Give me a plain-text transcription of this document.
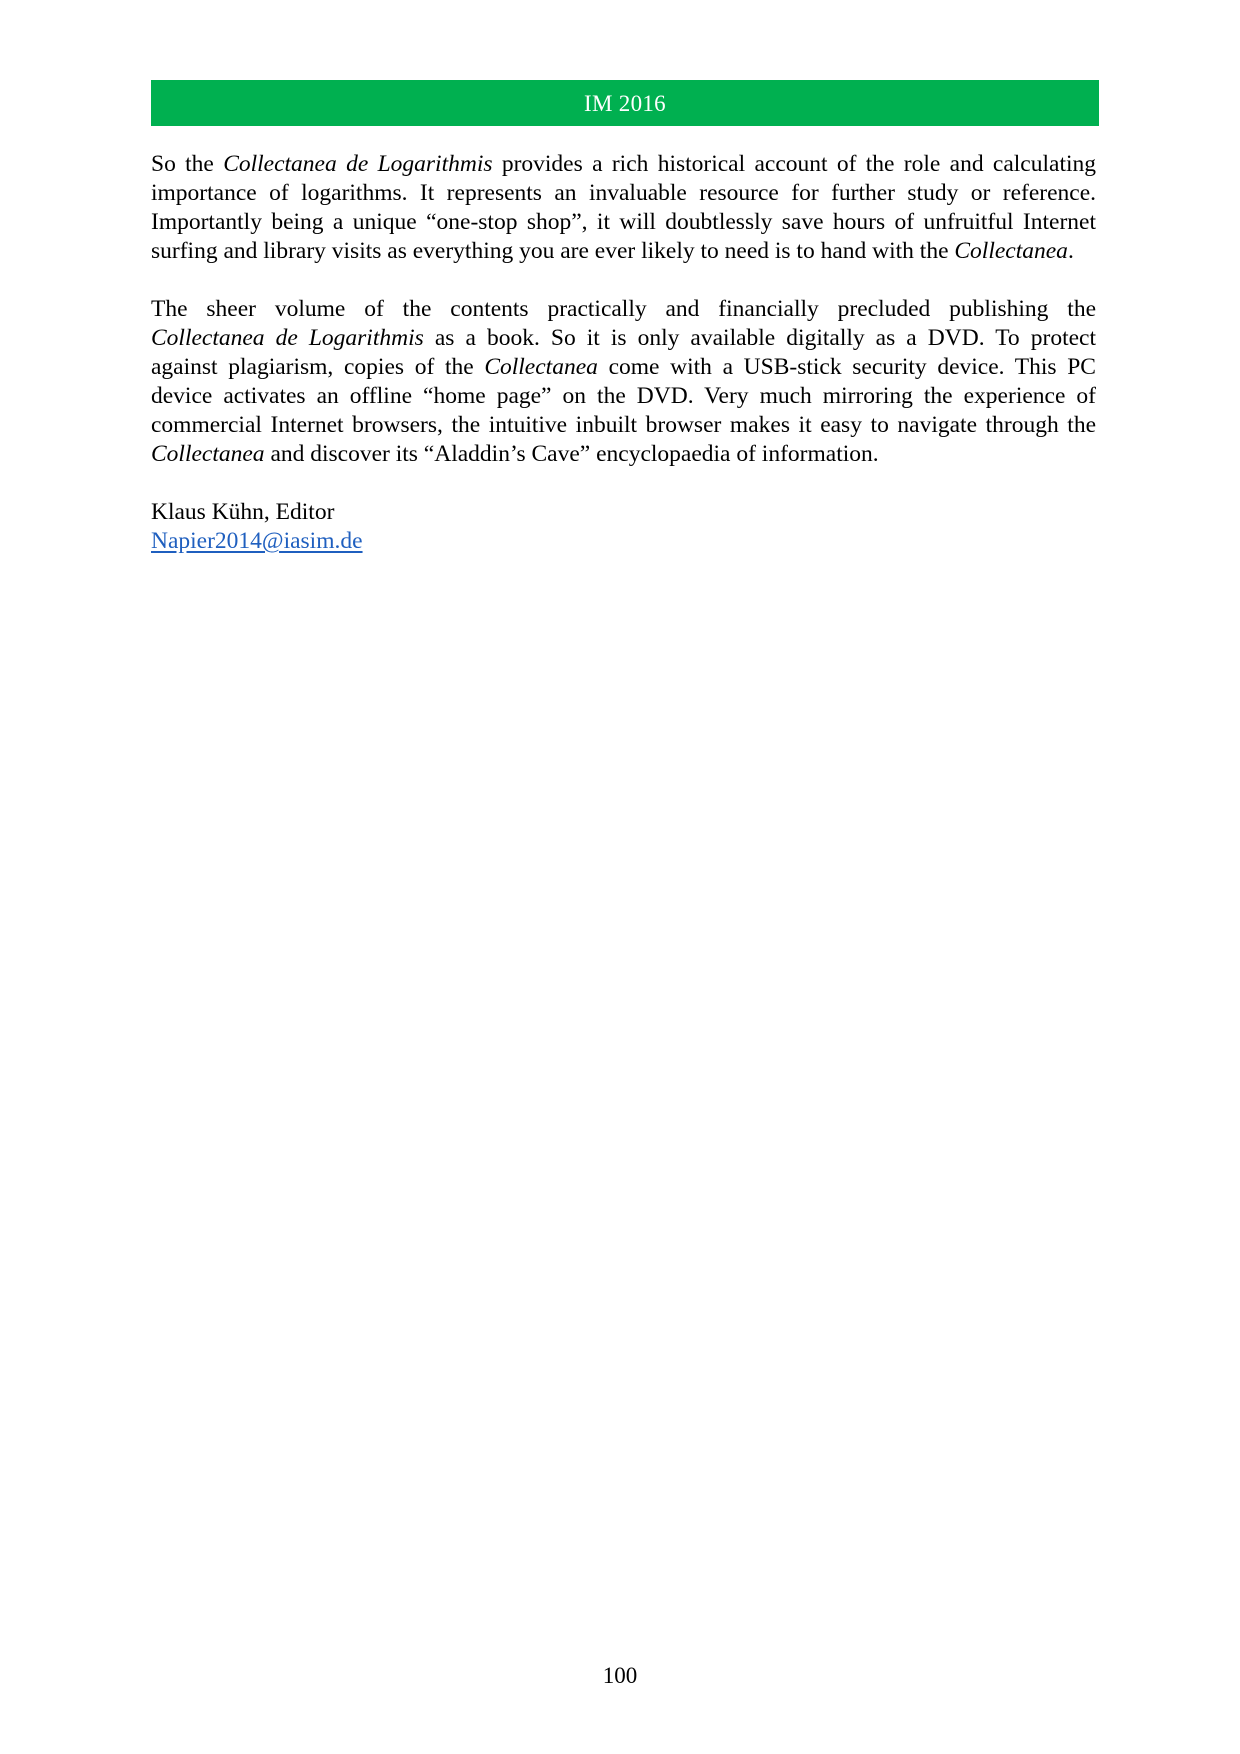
IM 2016

So the Collectanea de Logarithmis provides a rich historical account of the role and calculating
importance of logarithms. It represents an invaluable resource for further study or reference.
Importantly being a unique “one-stop shop”, it will doubtlessly save hours of unfruitful Internet
surfing and library visits as everything you are ever likely to need is to hand with the Collectanea.

The sheer volume of the contents practically and financially precluded publishing the
Collectanea de Logarithmis as a book. So it is only available digitally as a DVD. To protect
against plagiarism, copies of the Collectanea come with a USB-stick security device. This PC
device activates an offline “home page” on the DVD. Very much mirroring the experience of
commercial Internet browsers, the intuitive inbuilt browser makes it easy to navigate through the
Collectanea and discover its “Aladdin’s Cave” encyclopaedia of information.

Klaus Kühn, Editor
Napier2014@iasim.de
100
